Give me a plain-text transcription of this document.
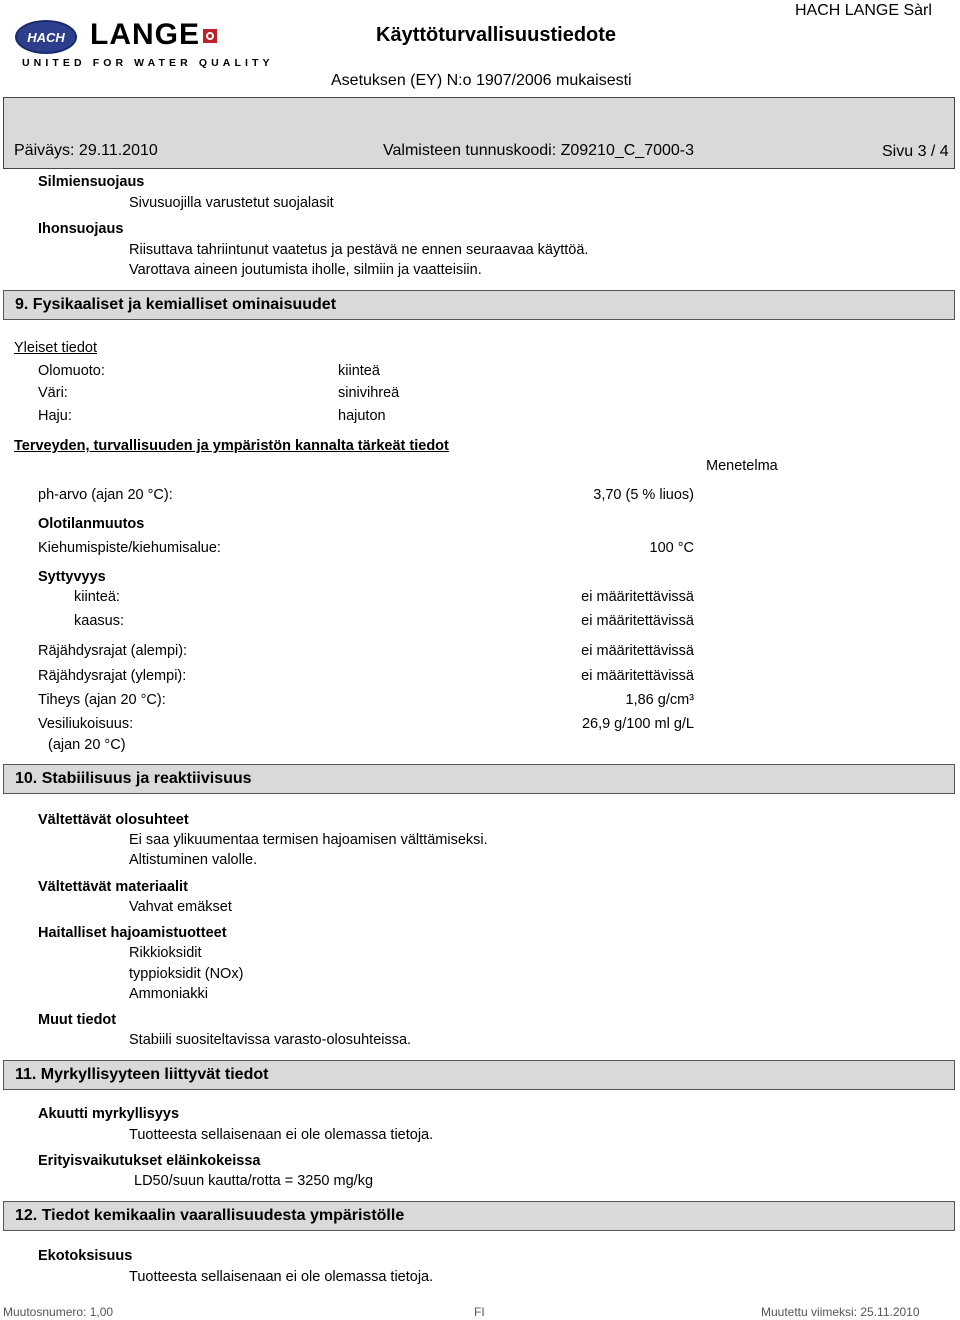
HACH LANGE
UNITED FOR WATER QUALITY
Käyttöturvallisuustiedote
HACH LANGE Sàrl
Asetuksen (EY) N:o 1907/2006 mukaisesti
Päiväys: 29.11.2010	Valmisteen tunnuskoodi: Z09210_C_7000-3	Sivu 3 / 4
Silmiensuojaus
Sivusuojilla varustetut suojalasit
Ihonsuojaus
Riisuttava tahriintunut vaatetus ja pestävä ne ennen seuraavaa käyttöä.
Varottava aineen joutumista iholle, silmiin ja vaatteisiin.
9. Fysikaaliset ja kemialliset ominaisuudet
Yleiset tiedot
Olomuoto:	kiinteä
Väri:	sinivihreä
Haju:	hajuton
Terveyden, turvallisuuden ja ympäristön kannalta tärkeät tiedot
Menetelma
ph-arvo (ajan 20 °C):	3,70 (5 % liuos)
Olotilanmuutos
Kiehumispiste/kiehumisalue:	100 °C
Syttyvyys
kiinteä:	ei määritettävissä
kaasus:	ei määritettävissä
Räjähdysrajat (alempi):	ei määritettävissä
Räjähdysrajat (ylempi):	ei määritettävissä
Tiheys (ajan 20 °C):	1,86 g/cm³
Vesiliukoisuus:	26,9 g/100 ml g/L
(ajan 20 °C)
10. Stabiilisuus ja reaktiivisuus
Vältettävät olosuhteet
Ei saa ylikuumentaa termisen hajoamisen välttämiseksi.
Altistuminen valolle.
Vältettävät materiaalit
Vahvat emäkset
Haitalliset hajoamistuotteet
Rikkioksidit
typpioksidit (NOx)
Ammoniakki
Muut tiedot
Stabiili suositeltavissa varasto-olosuhteissa.
11. Myrkyllisyyteen liittyvät tiedot
Akuutti myrkyllisyys
Tuotteesta sellaisenaan ei ole olemassa tietoja.
Erityisvaikutukset eläinkokeissa
LD50/suun kautta/rotta = 3250 mg/kg
12. Tiedot kemikaalin vaarallisuudesta ympäristölle
Ekotoksisuus
Tuotteesta sellaisenaan ei ole olemassa tietoja.
Muutosnumero: 1,00	FI	Muutettu viimeksi: 25.11.2010
